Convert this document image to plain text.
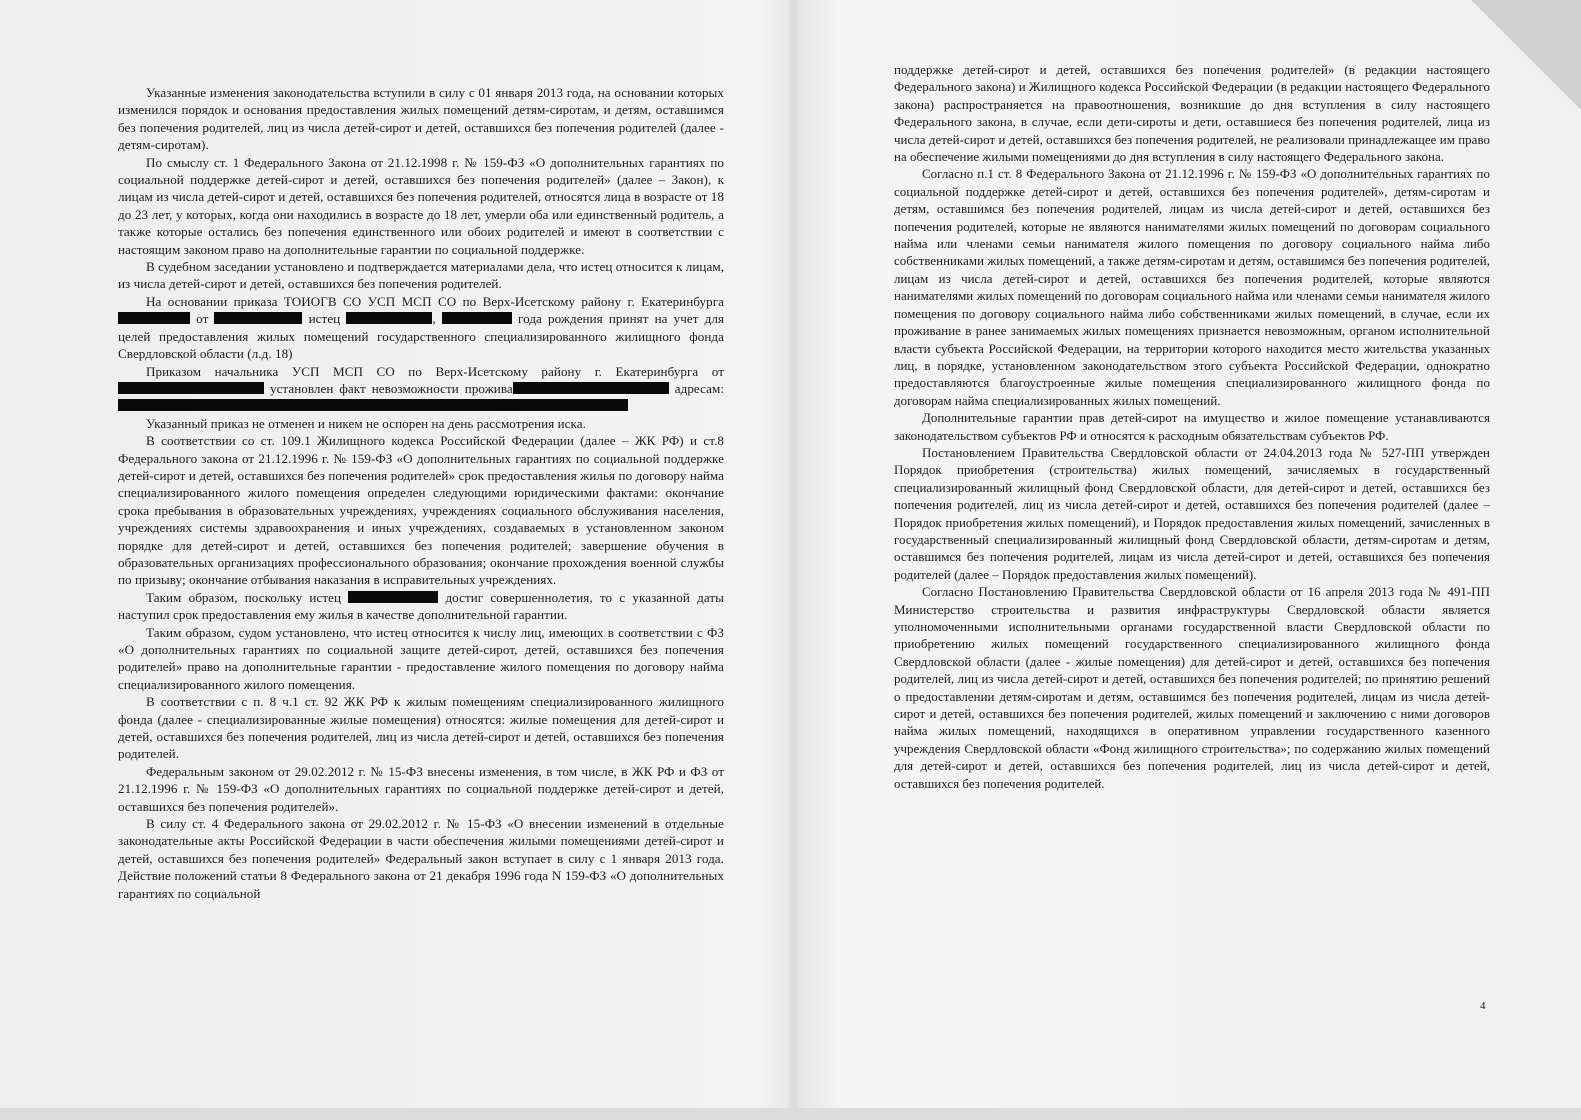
Указанные изменения законодательства вступили в силу с 01 января 2013 года, на основании которых изменился порядок и основания предоставления жилых помещений детям-сиротам, и детям, оставшимся без попечения родителей, лиц из числа детей-сирот и детей, оставшихся без попечения родителей (далее - детям-сиротам).

По смыслу ст. 1 Федерального Закона от 21.12.1998 г. № 159-ФЗ «О дополнительных гарантиях по социальной поддержке детей-сирот и детей, оставшихся без попечения родителей» (далее – Закон), к лицам из числа детей-сирот и детей, оставшихся без попечения родителей, относятся лица в возрасте от 18 до 23 лет, у которых, когда они находились в возрасте до 18 лет, умерли оба или единственный родитель, а также которые остались без попечения единственного или обоих родителей и имеют в соответствии с настоящим законом право на дополнительные гарантии по социальной поддержке.

В судебном заседании установлено и подтверждается материалами дела, что истец относится к лицам, из числа детей-сирот и детей, оставшихся без попечения родителей.

На основании приказа ТОИОГВ СО УСП МСП СО по Верх-Исетскому району г. Екатеринбурга от	истец	,	года рождения принят на учет для целей предоставления жилых помещений государственного специализированного жилищного фонда Свердловской области (л.д. 18)

Приказом начальника УСП МСП СО по Верх-Исетскому району г. Екатеринбурга от  установлен факт невозможности прожива	адресам:

Указанный приказ не отменен и никем не оспорен на день рассмотрения иска.

В соответствии со ст. 109.1 Жилищного кодекса Российской Федерации (далее – ЖК РФ) и ст.8 Федерального закона от 21.12.1996 г. № 159-ФЗ «О дополнительных гарантиях по социальной поддержке детей-сирот и детей, оставшихся без попечения родителей» срок предоставления жилья по договору найма специализированного жилого помещения определен следующими юридическими фактами: окончание срока пребывания в образовательных учреждениях, учреждениях социального обслуживания населения, учреждениях системы здравоохранения и иных учреждениях, создаваемых в установленном законом порядке для детей-сирот и детей, оставшихся без попечения родителей; завершение обучения в образовательных организациях профессионального образования; окончание прохождения военной службы по призыву; окончание отбывания наказания в исправительных учреждениях.

Таким образом, поскольку истец	достиг совершеннолетия, то с указанной даты наступил срок предоставления ему жилья в качестве дополнительной гарантии.

Таким образом, судом установлено, что истец относится к числу лиц, имеющих в соответствии с ФЗ «О дополнительных гарантиях по социальной защите детей-сирот, детей, оставшихся без попечения родителей» право на дополнительные гарантии - предоставление жилого помещения по договору найма специализированного жилого помещения.

В соответствии с п. 8 ч.1 ст. 92 ЖК РФ к жилым помещениям специализированного жилищного фонда (далее - специализированные жилые помещения) относятся: жилые помещения для детей-сирот и детей, оставшихся без попечения родителей, лиц из числа детей-сирот и детей, оставшихся без попечения родителей.

Федеральным законом от 29.02.2012 г. № 15-ФЗ внесены изменения, в том числе, в ЖК РФ и ФЗ от 21.12.1996 г. № 159-ФЗ «О дополнительных гарантиях по социальной поддержке детей-сирот и детей, оставшихся без попечения родителей».

В силу ст. 4 Федерального закона от 29.02.2012 г. № 15-ФЗ «О внесении изменений в отдельные законодательные акты Российской Федерации в части обеспечения жилыми помещениями детей-сирот и детей, оставшихся без попечения родителей» Федеральный закон вступает в силу с 1 января 2013 года. Действие положений статьи 8 Федерального закона от 21 декабря 1996 года N 159-ФЗ «О дополнительных гарантиях по социальной

поддержке детей-сирот и детей, оставшихся без попечения родителей» (в редакции настоящего Федерального закона) и Жилищного кодекса Российской Федерации (в редакции настоящего Федерального закона) распространяется на правоотношения, возникшие до дня вступления в силу настоящего Федерального закона, в случае, если дети-сироты и дети, оставшиеся без попечения родителей, лица из числа детей-сирот и детей, оставшихся без попечения родителей, не реализовали принадлежащее им право на обеспечение жилыми помещениями до дня вступления в силу настоящего Федерального закона.

Согласно п.1 ст. 8 Федерального Закона от 21.12.1996 г. № 159-ФЗ «О дополнительных гарантиях по социальной поддержке детей-сирот и детей, оставшихся без попечения родителей», детям-сиротам и детям, оставшимся без попечения родителей, лицам из числа детей-сирот и детей, оставшихся без попечения родителей, которые не являются нанимателями жилых помещений по договорам социального найма или членами семьи нанимателя жилого помещения по договору социального найма либо собственниками жилых помещений, а также детям-сиротам и детям, оставшимся без попечения родителей, лицам из числа детей-сирот и детей, оставшихся без попечения родителей, которые являются нанимателями жилых помещений по договорам социального найма или членами семьи нанимателя жилого помещения по договору социального найма либо собственниками жилых помещений, в случае, если их проживание в ранее занимаемых жилых помещениях признается невозможным, органом исполнительной власти субъекта Российской Федерации, на территории которого находится место жительства указанных лиц, в порядке, установленном законодательством этого субъекта Российской Федерации, однократно предоставляются благоустроенные жилые помещения специализированного жилищного фонда по договорам найма специализированных жилых помещений.

Дополнительные гарантии прав детей-сирот на имущество и жилое помещение устанавливаются законодательством субъектов РФ и относятся к расходным обязательствам субъектов РФ.

Постановлением Правительства Свердловской области от 24.04.2013 года № 527-ПП утвержден Порядок приобретения (строительства) жилых помещений, зачисляемых в государственный специализированный жилищный фонд Свердловской области, для детей-сирот и детей, оставшихся без попечения родителей, лиц из числа детей-сирот и детей, оставшихся без попечения родителей (далее – Порядок приобретения жилых помещений), и Порядок предоставления жилых помещений, зачисленных в государственный специализированный жилищный фонд Свердловской области, детям-сиротам и детям, оставшимся без попечения родителей, лицам из числа детей-сирот и детей, оставшихся без попечения родителей (далее – Порядок предоставления жилых помещений).

Согласно Постановлению Правительства Свердловской области от 16 апреля 2013 года № 491-ПП Министерство строительства и развития инфраструктуры Свердловской области является уполномоченными исполнительными органами государственной власти Свердловской области по приобретению жилых помещений государственного специализированного жилищного фонда Свердловской области (далее - жилые помещения) для детей-сирот и детей, оставшихся без попечения родителей, лиц из числа детей-сирот и детей, оставшихся без попечения родителей; по принятию решений о предоставлении детям-сиротам и детям, оставшимся без попечения родителей, лицам из числа детей-сирот и детей, оставшихся без попечения родителей, жилых помещений и заключению с ними договоров найма жилых помещений, находящихся в оперативном управлении государственного казенного учреждения Свердловской области «Фонд жилищного строительства»; по содержанию жилых помещений для детей-сирот и детей, оставшихся без попечения родителей, лиц из числа детей-сирот и детей, оставшихся без попечения родителей.

4
